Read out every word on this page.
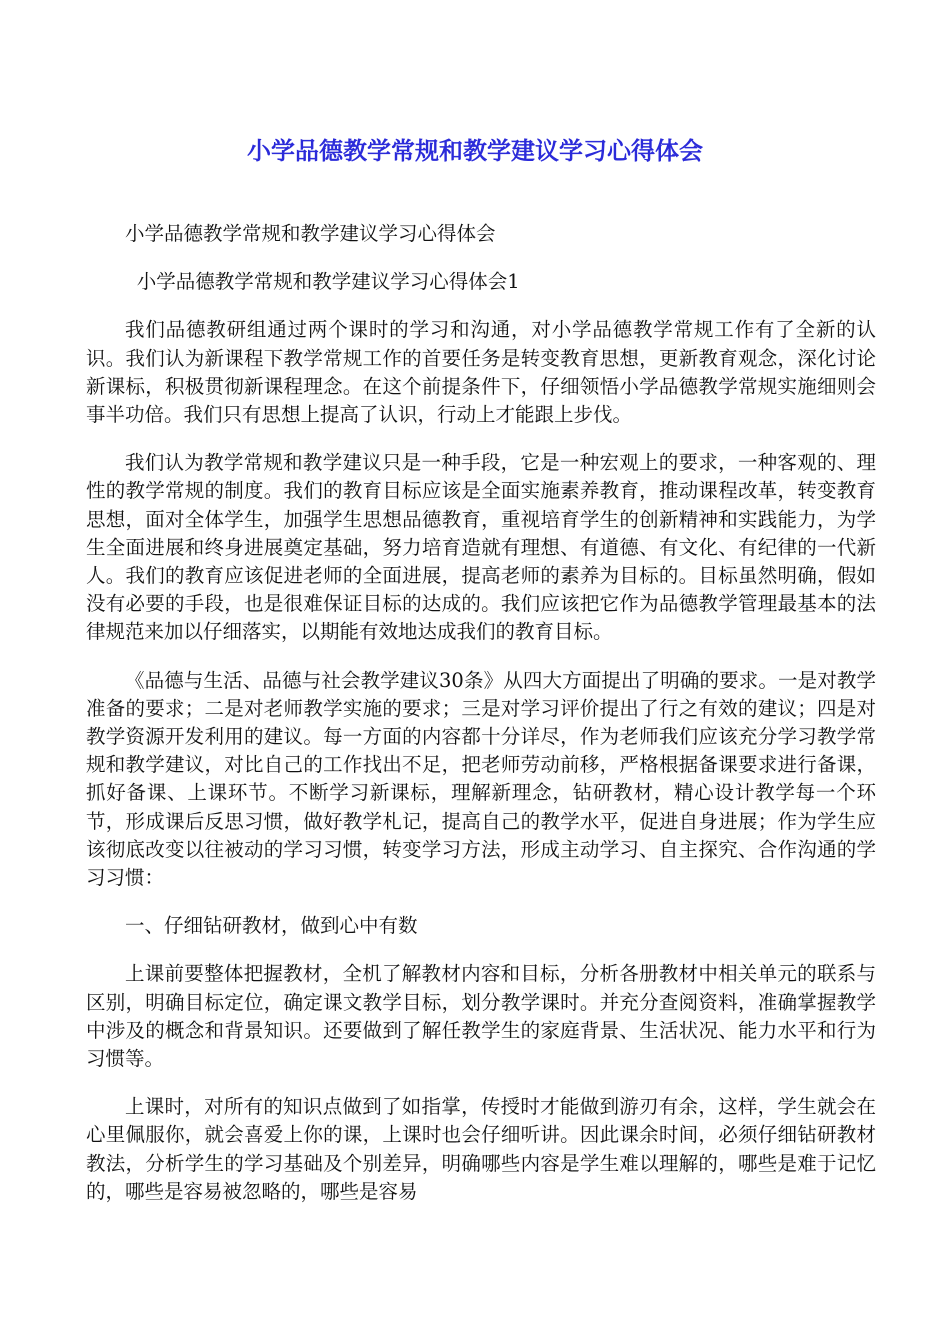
小学品德教学常规和教学建议学习心得体会

小学品德教学常规和教学建议学习心得体会

小学品德教学常规和教学建议学习心得体会1

我们品德教研组通过两个课时的学习和沟通，对小学品德教学常规工作有了全新的认识。我们认为新课程下教学常规工作的首要任务是转变教育思想，更新教育观念，深化讨论新课标，积极贯彻新课程理念。在这个前提条件下，仔细领悟小学品德教学常规实施细则会事半功倍。我们只有思想上提高了认识，行动上才能跟上步伐。

我们认为教学常规和教学建议只是一种手段，它是一种宏观上的要求，一种客观的、理性的教学常规的制度。我们的教育目标应该是全面实施素养教育，推动课程改革，转变教育思想，面对全体学生，加强学生思想品德教育，重视培育学生的创新精神和实践能力，为学生全面进展和终身进展奠定基础，努力培育造就有理想、有道德、有文化、有纪律的一代新人。我们的教育应该促进老师的全面进展，提高老师的素养为目标的。目标虽然明确，假如没有必要的手段，也是很难保证目标的达成的。我们应该把它作为品德教学管理最基本的法律规范来加以仔细落实，以期能有效地达成我们的教育目标。

《品德与生活、品德与社会教学建议30条》从四大方面提出了明确的要求。一是对教学准备的要求；二是对老师教学实施的要求；三是对学习评价提出了行之有效的建议；四是对教学资源开发利用的建议。每一方面的内容都十分详尽，作为老师我们应该充分学习教学常规和教学建议，对比自己的工作找出不足，把老师劳动前移，严格根据备课要求进行备课，抓好备课、上课环节。不断学习新课标，理解新理念，钻研教材，精心设计教学每一个环节，形成课后反思习惯，做好教学札记，提高自己的教学水平，促进自身进展；作为学生应该彻底改变以往被动的学习习惯，转变学习方法，形成主动学习、自主探究、合作沟通的学习习惯：

一、仔细钻研教材，做到心中有数

上课前要整体把握教材，全机了解教材内容和目标，分析各册教材中相关单元的联系与区别，明确目标定位，确定课文教学目标，划分教学课时。并充分查阅资料，准确掌握教学中涉及的概念和背景知识。还要做到了解任教学生的家庭背景、生活状况、能力水平和行为习惯等。

上课时，对所有的知识点做到了如指掌，传授时才能做到游刃有余，这样，学生就会在心里佩服你，就会喜爱上你的课，上课时也会仔细听讲。因此课余时间，必须仔细钻研教材教法，分析学生的学习基础及个别差异，明确哪些内容是学生难以理解的，哪些是难于记忆的，哪些是容易被忽略的，哪些是容易
